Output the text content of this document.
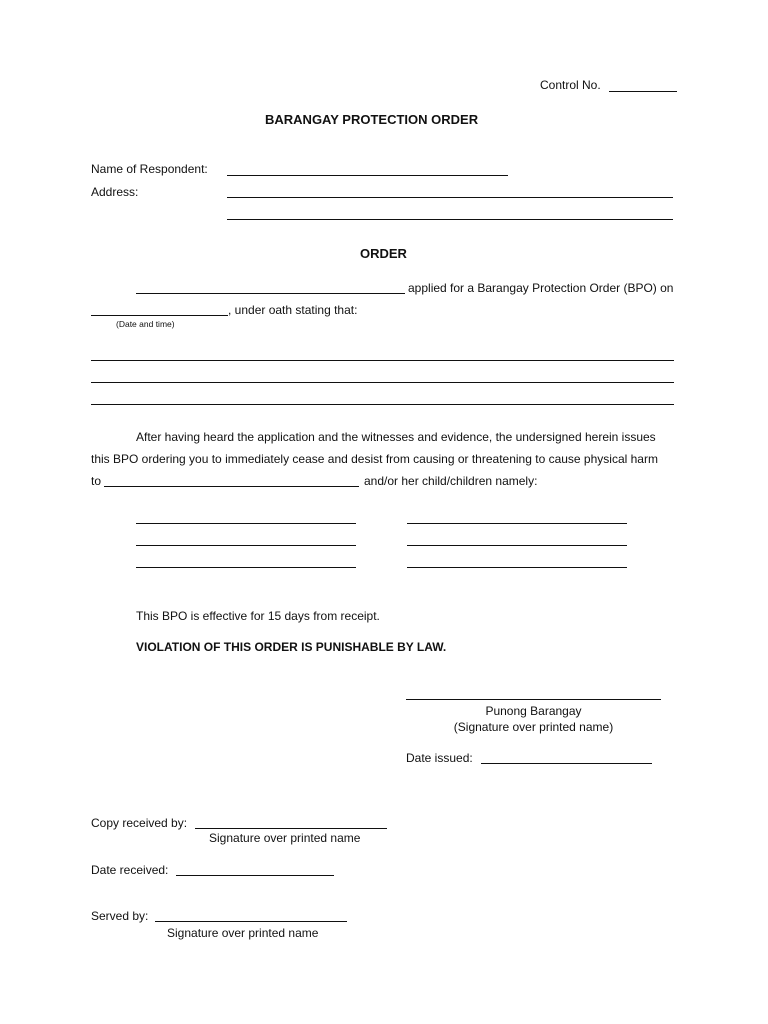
Control No.
BARANGAY PROTECTION ORDER
Name of Respondent:
Address:
ORDER
applied for a Barangay Protection Order (BPO) on
, under oath stating that:
(Date and time)
After having heard the application and the witnesses and evidence, the undersigned herein issues
this BPO ordering you to immediately cease and desist from causing or threatening to cause physical harm
to	and/or her child/children namely:
This BPO is effective for 15 days from receipt.
VIOLATION OF THIS ORDER IS PUNISHABLE BY LAW.
Punong Barangay
(Signature over printed name)
Date issued:
Copy received by:
Signature over printed name
Date received:
Served by:
Signature over printed name
